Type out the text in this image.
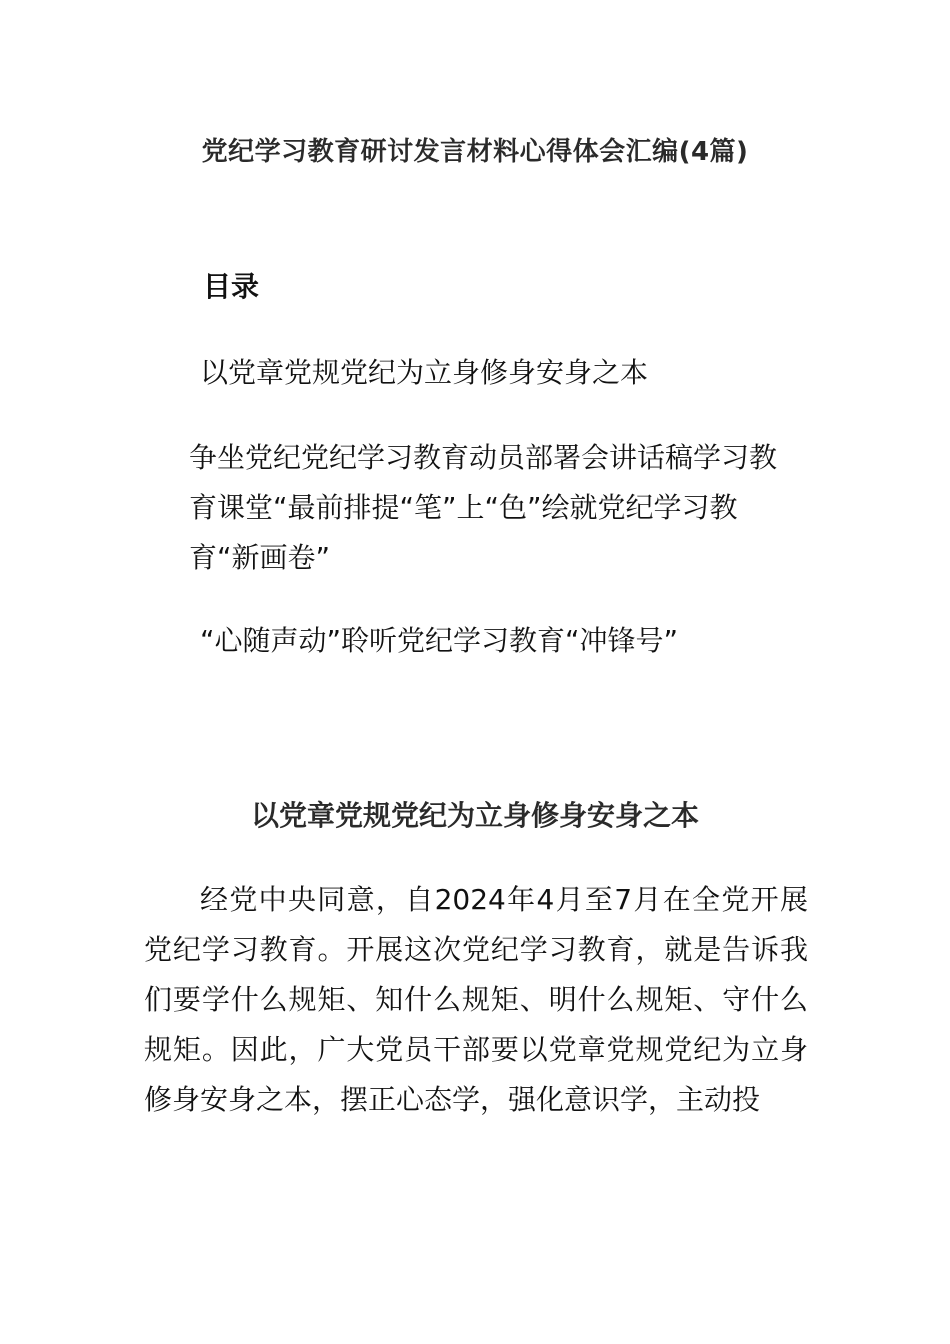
党纪学习教育研讨发言材料心得体会汇编(4篇)
目录

以党章党规党纪为立身修身安身之本

争坐党纪党纪学习教育动员部署会讲话稿学习教育课堂“最前排提“笔”上“色”绘就党纪学习教育“新画卷”

“心随声动”聆听党纪学习教育“冲锋号”

以党章党规党纪为立身修身安身之本

经党中央同意，自2024年4月至7月在全党开展党纪学习教育。开展这次党纪学习教育，就是告诉我们要学什么规矩、知什么规矩、明什么规矩、守什么规矩。因此，广大党员干部要以党章党规党纪为立身修身安身之本，摆正心态学，强化意识学，主动投
